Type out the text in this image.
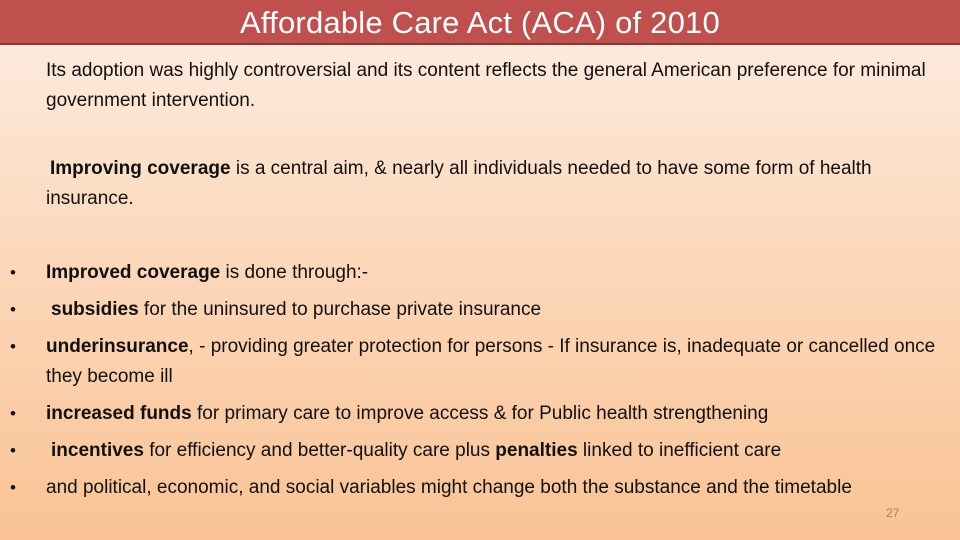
Affordable Care Act (ACA) of 2010

Its adoption was highly controversial and its content reflects the general American preference for minimal government intervention.

Improving coverage is a central aim, & nearly all individuals needed to have some form of health insurance.

• Improved coverage is done through:-
• subsidies for the uninsured to purchase private insurance
• underinsurance, - providing greater protection for persons - If insurance is, inadequate or cancelled once they become ill
• increased funds for primary care to improve access & for Public health strengthening
• incentives for efficiency and better-quality care plus penalties linked to inefficient care
• and political, economic, and social variables might change both the substance and the timetable
27
